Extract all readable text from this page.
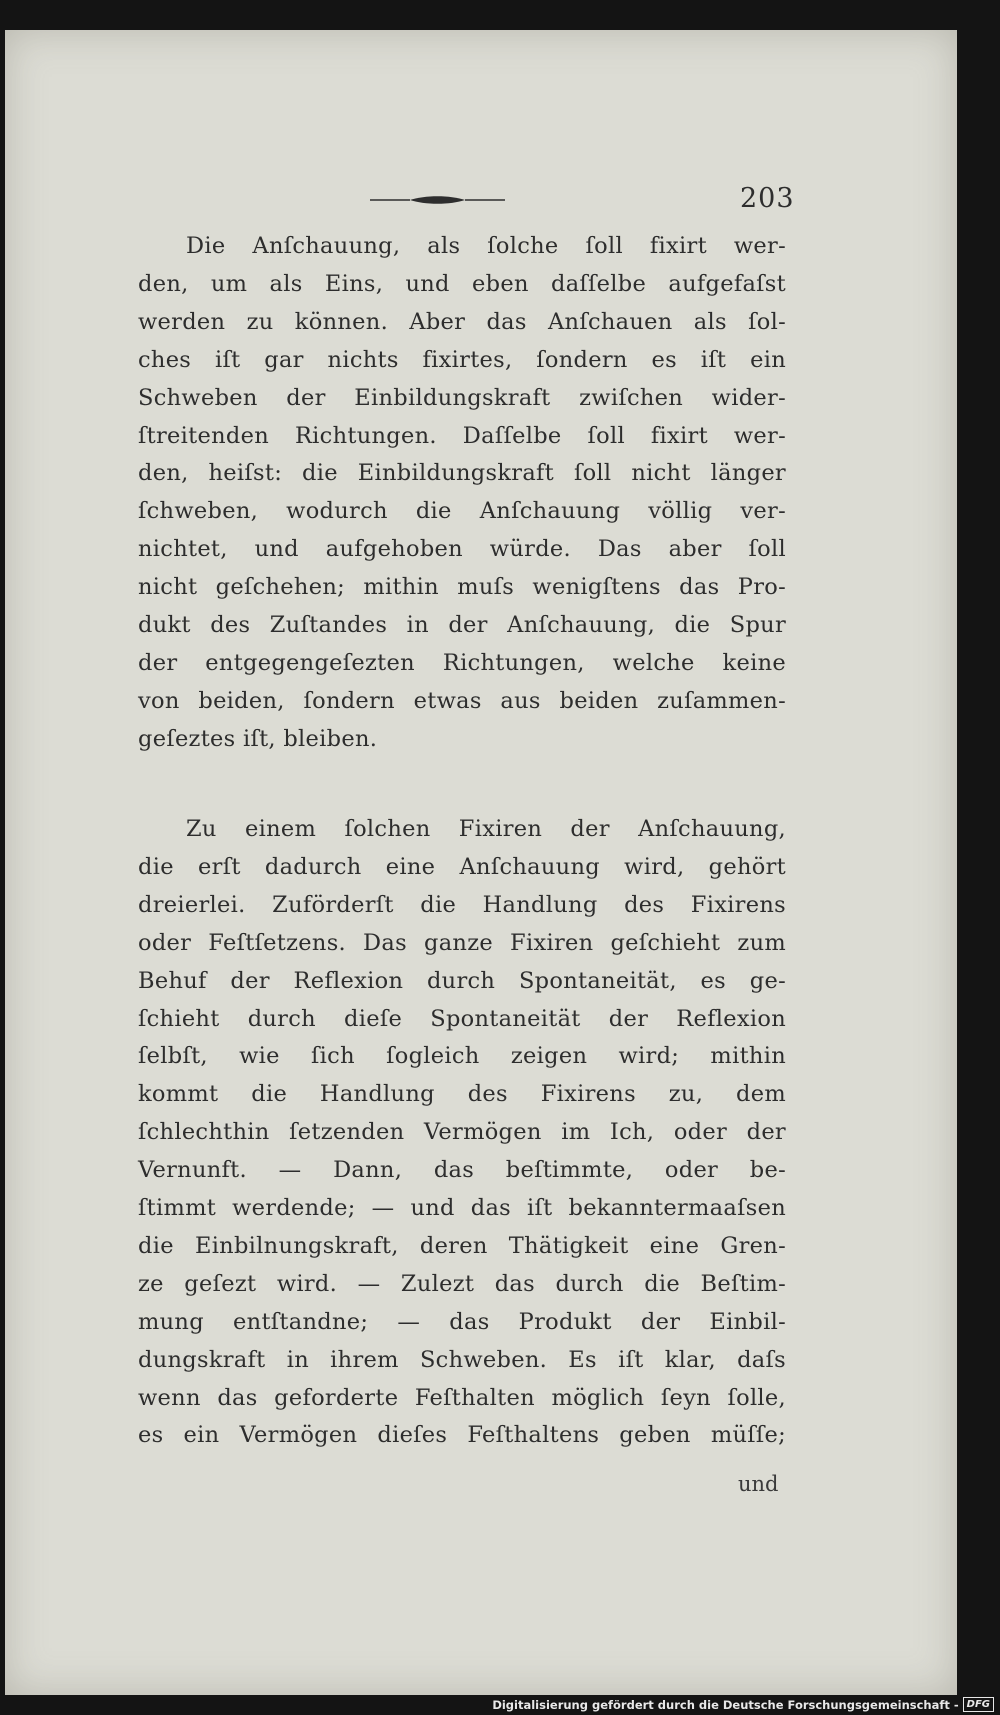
203
Die Anſchauung, als ſolche ſoll fixirt wer-
den, um als Eins, und eben daſſelbe aufgefaſst
werden zu können. Aber das Anſchauen als ſol-
ches iſt gar nichts fixirtes, ſondern es iſt ein
Schweben der Einbildungskraft zwiſchen wider-
ſtreitenden Richtungen. Daſſelbe ſoll fixirt wer-
den, heiſst: die Einbildungskraft ſoll nicht länger
ſchweben, wodurch die Anſchauung völlig ver-
nichtet, und aufgehoben würde. Das aber ſoll
nicht geſchehen; mithin muſs wenigſtens das Pro-
dukt des Zuſtandes in der Anſchauung, die Spur
der entgegengeſezten Richtungen, welche keine
von beiden, ſondern etwas aus beiden zuſammen-
geſeztes iſt, bleiben.
Zu einem ſolchen Fixiren der Anſchauung,
die erſt dadurch eine Anſchauung wird, gehört
dreierlei. Zuförderſt die Handlung des Fixirens
oder Feſtſetzens. Das ganze Fixiren geſchieht zum
Behuf der Reflexion durch Spontaneität, es ge-
ſchieht durch dieſe Spontaneität der Reflexion
ſelbſt, wie ſich ſogleich zeigen wird; mithin
kommt die Handlung des Fixirens zu, dem
ſchlechthin ſetzenden Vermögen im Ich, oder der
Vernunft. — Dann, das beſtimmte, oder be-
ſtimmt werdende; — und das iſt bekanntermaaſsen
die Einbilnungskraft, deren Thätigkeit eine Gren-
ze geſezt wird. — Zulezt das durch die Beſtim-
mung entſtandne; — das Produkt der Einbil-
dungskraft in ihrem Schweben. Es iſt klar, daſs
wenn das geforderte Feſthalten möglich ſeyn ſolle,
es ein Vermögen dieſes Feſthaltens geben müſſe;
und
Digitalisierung gefördert durch die Deutsche Forschungsgemeinschaft - DFG
